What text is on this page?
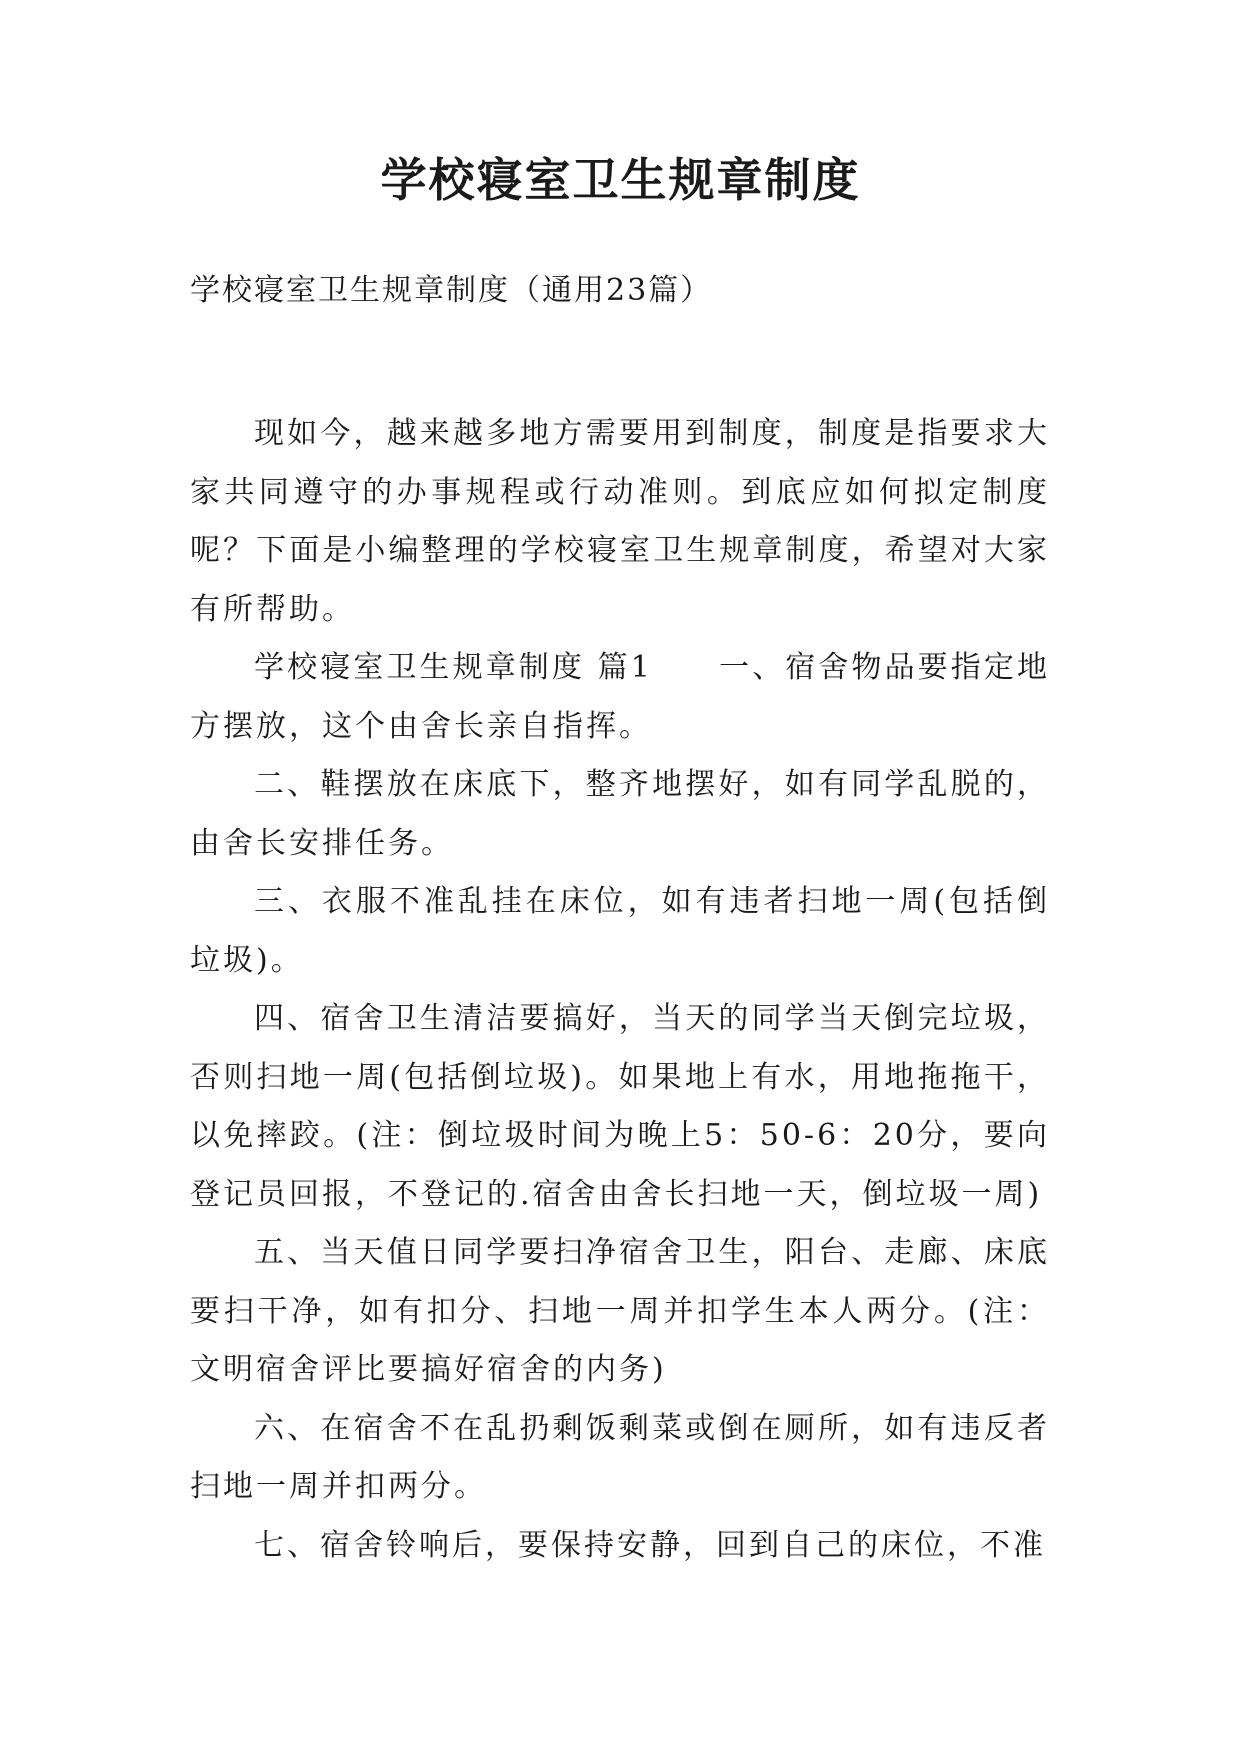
学校寝室卫生规章制度
学校寝室卫生规章制度（通用23篇）

现如今，越来越多地方需要用到制度，制度是指要求大家共同遵守的办事规程或行动准则。到底应如何拟定制度呢？下面是小编整理的学校寝室卫生规章制度，希望对大家有所帮助。

学校寝室卫生规章制度 篇1　　一、宿舍物品要指定地方摆放，这个由舍长亲自指挥。

二、鞋摆放在床底下，整齐地摆好，如有同学乱脱的，由舍长安排任务。

三、衣服不准乱挂在床位，如有违者扫地一周(包括倒垃圾)。

四、宿舍卫生清洁要搞好，当天的同学当天倒完垃圾，否则扫地一周(包括倒垃圾)。如果地上有水，用地拖拖干，以免摔跤。(注：倒垃圾时间为晚上5：50-6：20分，要向登记员回报，不登记的.宿舍由舍长扫地一天，倒垃圾一周)

五、当天值日同学要扫净宿舍卫生，阳台、走廊、床底要扫干净，如有扣分、扫地一周并扣学生本人两分。(注：文明宿舍评比要搞好宿舍的内务)

六、在宿舍不在乱扔剩饭剩菜或倒在厕所，如有违反者扫地一周并扣两分。

七、宿舍铃响后，要保持安静，回到自己的床位，不准
